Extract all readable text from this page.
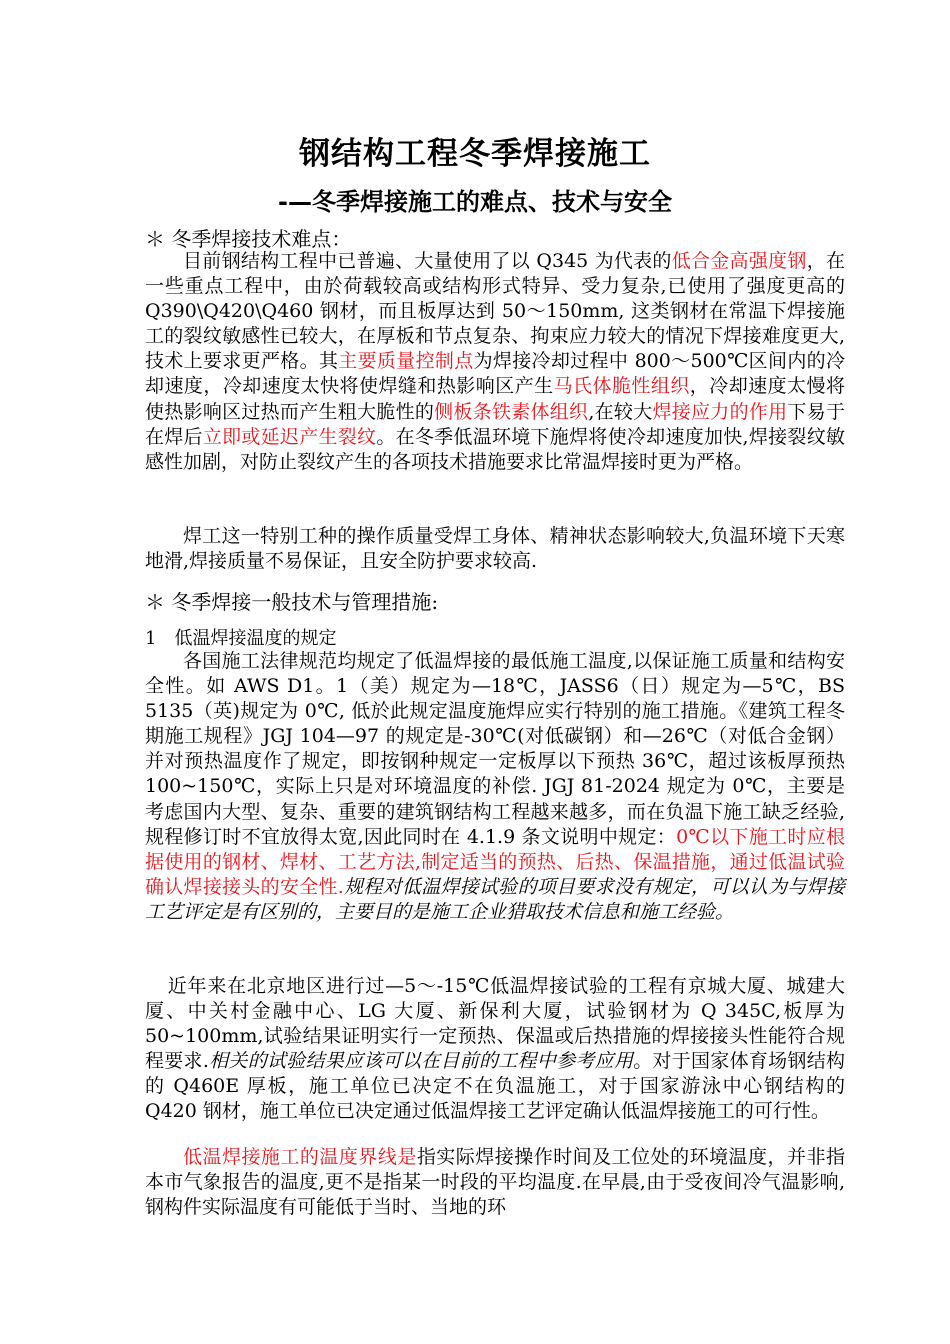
钢结构工程冬季焊接施工
-—冬季焊接施工的难点、技术与安全
＊ 冬季焊接技术难点：
目前钢结构工程中已普遍、大量使用了以 Q345 为代表的低合金高强度钢，在一些重点工程中，由於荷载较高或结构形式特异、受力复杂,已使用了强度更高的 Q390\Q420\Q460 钢材，而且板厚达到 50～150mm, 这类钢材在常温下焊接施工的裂纹敏感性已较大，在厚板和节点复杂、拘束应力较大的情况下焊接难度更大,技术上要求更严格。其主要质量控制点为焊接冷却过程中 800～500℃区间内的冷却速度，冷却速度太快将使焊缝和热影响区产生马氏体脆性组织，冷却速度太慢将使热影响区过热而产生粗大脆性的侧板条铁素体组织,在较大焊接应力的作用下易于在焊后立即或延迟产生裂纹。在冬季低温环境下施焊将使冷却速度加快,焊接裂纹敏感性加剧，对防止裂纹产生的各项技术措施要求比常温焊接时更为严格。
焊工这一特别工种的操作质量受焊工身体、精神状态影响较大,负温环境下天寒地滑,焊接质量不易保证，且安全防护要求较高.
＊ 冬季焊接一般技术与管理措施:
1　低温焊接温度的规定
各国施工法律规范均规定了低温焊接的最低施工温度,以保证施工质量和结构安全性。如 AWS D1。1（美）规定为—18℃，JASS6（日）规定为—5℃，BS 5135（英)规定为 0℃, 低於此规定温度施焊应实行特别的施工措施。《建筑工程冬期施工规程》JGJ 104—97 的规定是-30℃(对低碳钢）和—26℃（对低合金钢）并对预热温度作了规定，即按钢种规定一定板厚以下预热 36℃，超过该板厚预热 100~150℃，实际上只是对环境温度的补偿. JGJ 81-2024 规定为 0℃，主要是考虑国内大型、复杂、重要的建筑钢结构工程越来越多，而在负温下施工缺乏经验,规程修订时不宜放得太宽,因此同时在 4.1.9 条文说明中规定：0℃以下施工时应根据使用的钢材、焊材、工艺方法,制定适当的预热、后热、保温措施，通过低温试验确认焊接接头的安全性.规程对低温焊接试验的项目要求没有规定，可以认为与焊接工艺评定是有区别的，主要目的是施工企业猎取技术信息和施工经验。
近年来在北京地区进行过—5～-15℃低温焊接试验的工程有京城大厦、城建大厦、中关村金融中心、LG 大厦、新保利大厦，试验钢材为 Q 345C,板厚为 50~100mm,试验结果证明实行一定预热、保温或后热措施的焊接接头性能符合规程要求.相关的试验结果应该可以在目前的工程中参考应用。对于国家体育场钢结构的 Q460E 厚板，施工单位已决定不在负温施工，对于国家游泳中心钢结构的 Q420 钢材，施工单位已决定通过低温焊接工艺评定确认低温焊接施工的可行性。
低温焊接施工的温度界线是指实际焊接操作时间及工位处的环境温度，并非指本市气象报告的温度,更不是指某一时段的平均温度.在早晨,由于受夜间冷气温影响,钢构件实际温度有可能低于当时、当地的环
